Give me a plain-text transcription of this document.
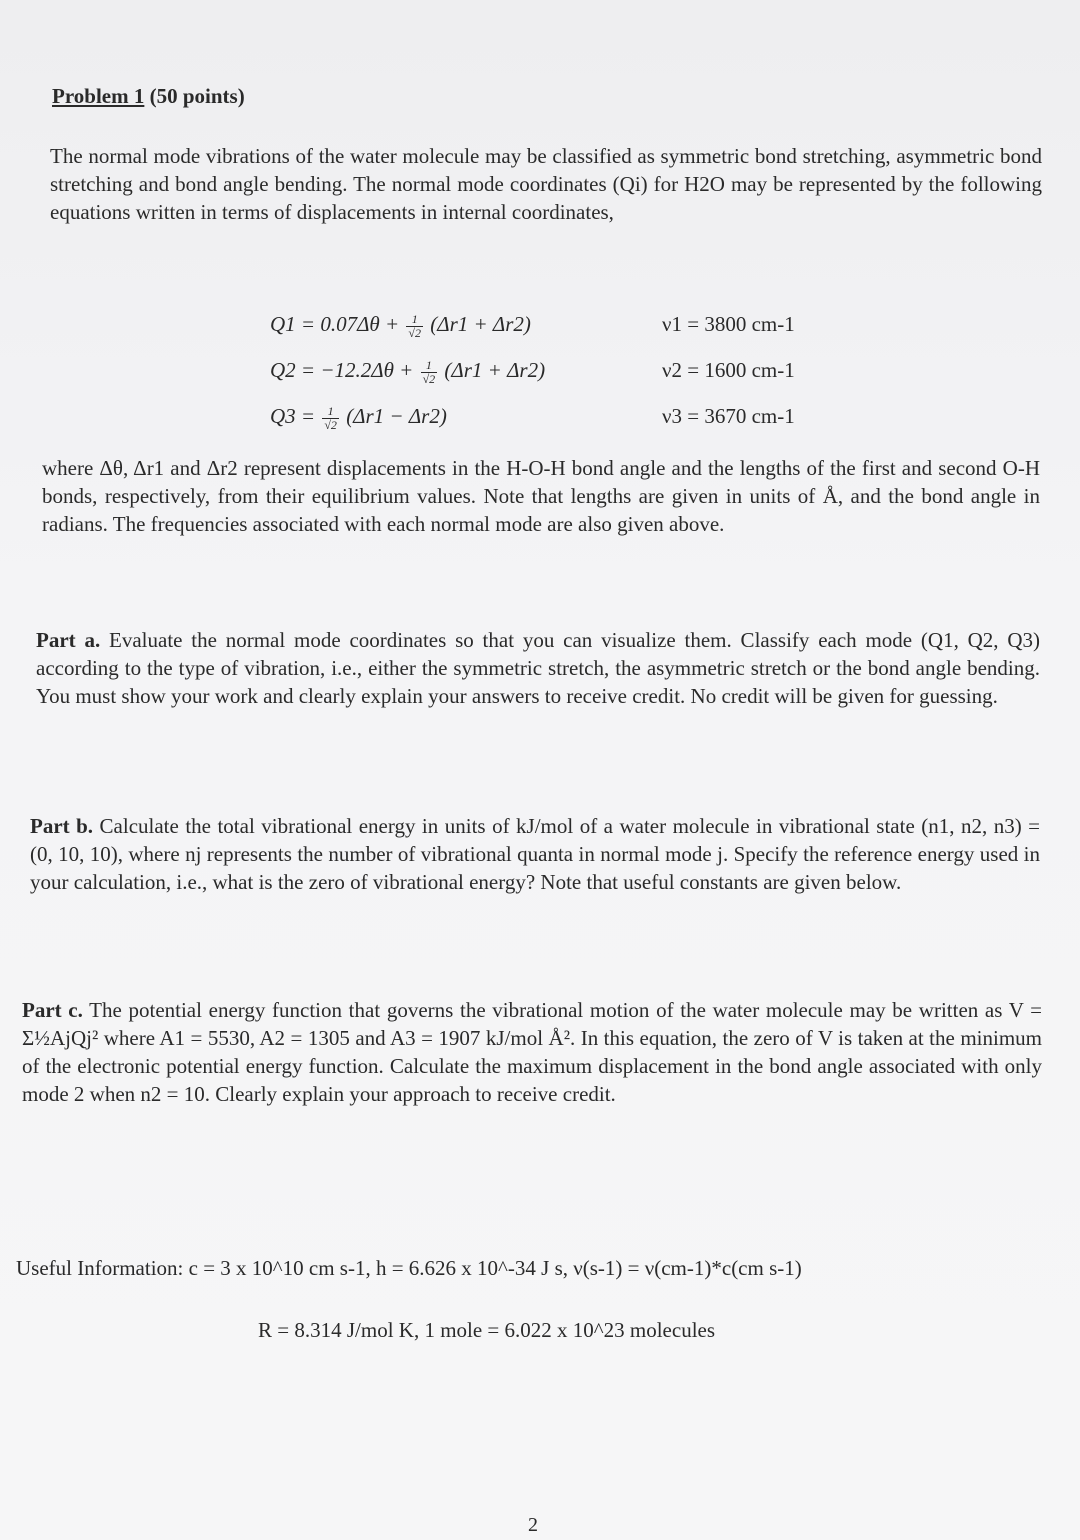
Problem 1 (50 points)

The normal mode vibrations of the water molecule may be classified as symmetric bond stretching, asymmetric bond stretching and bond angle bending. The normal mode coordinates (Qi) for H2O may be represented by the following equations written in terms of displacements in internal coordinates,

$Q1 = 0.07\Delta\theta + \frac{1}{√2} (\Delta r1 + \Delta r2)$	ν1 = 3800 cm-1
$Q2 = -12.2\Delta\theta + \frac{1}{√2} (\Delta r1 + \Delta r2)$	ν2 = 1600 cm-1
$Q3 = \frac{1}{√2} (\Delta r1 - \Delta r2)$	ν3 = 3670 cm-1

where Δθ, Δr1 and Δr2 represent displacements in the H-O-H bond angle and the lengths of the first and second O-H bonds, respectively, from their equilibrium values. Note that lengths are given in units of Å, and the bond angle in radians. The frequencies associated with each normal mode are also given above.

Part a. Evaluate the normal mode coordinates so that you can visualize them. Classify each mode (Q1, Q2, Q3) according to the type of vibration, i.e., either the symmetric stretch, the asymmetric stretch or the bond angle bending. You must show your work and clearly explain your answers to receive credit. No credit will be given for guessing.

Part b. Calculate the total vibrational energy in units of kJ/mol of a water molecule in vibrational state (n1, n2, n3) = (0, 10, 10), where nj represents the number of vibrational quanta in normal mode j. Specify the reference energy used in your calculation, i.e., what is the zero of vibrational energy? Note that useful constants are given below.

Part c. The potential energy function that governs the vibrational motion of the water molecule may be written as V = Σ½AjQj² where A1 = 5530, A2 = 1305 and A3 = 1907 kJ/mol Å². In this equation, the zero of V is taken at the minimum of the electronic potential energy function. Calculate the maximum displacement in the bond angle associated with only mode 2 when n2 = 10. Clearly explain your approach to receive credit.

Useful Information: c = 3 x 10^10 cm s-1, h = 6.626 x 10^-34 J s, ν(s-1) = ν(cm-1)*c(cm s-1)
R = 8.314 J/mol K, 1 mole = 6.022 x 10^23 molecules
2
